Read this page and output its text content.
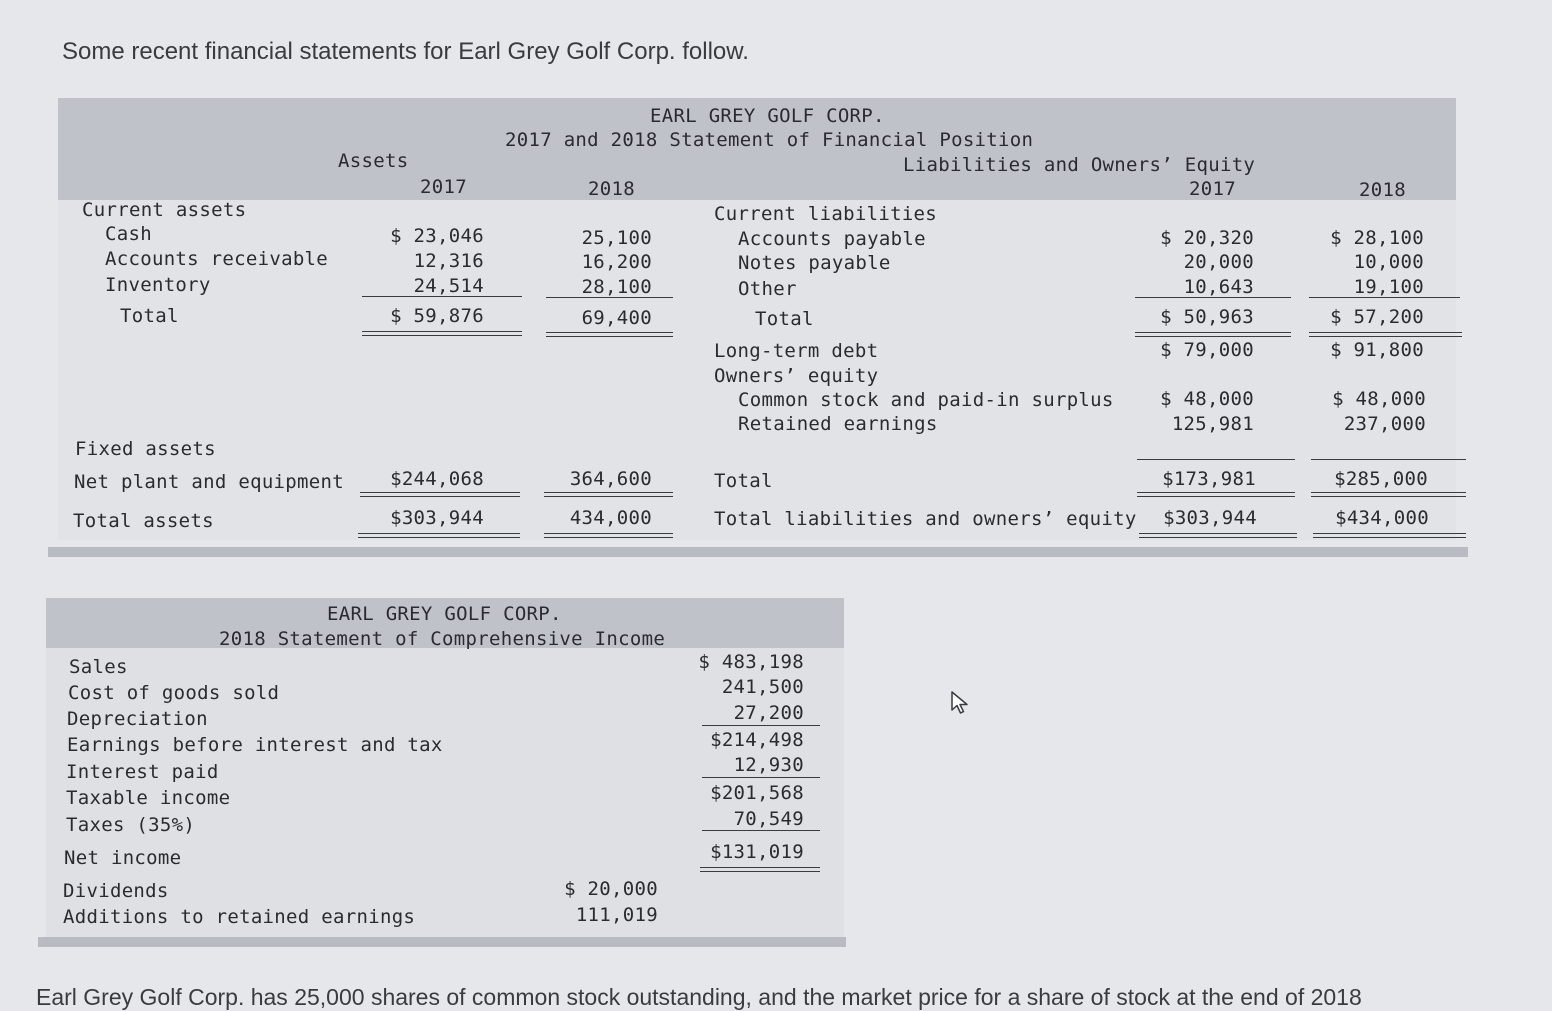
Some recent financial statements for Earl Grey Golf Corp. follow.
EARL GREY GOLF CORP.
2017 and 2018 Statement of Financial Position
Assets	Liabilities and Owners’ Equity
2017	2018	2017	2018
Current assets
Cash	$ 23,046	25,100
Accounts receivable	12,316	16,200
Inventory	24,514	28,100
Total	$ 59,876	69,400
Fixed assets
Net plant and equipment	$244,068	364,600
Total assets	$303,944	434,000
Current liabilities
Accounts payable	$ 20,320	$ 28,100
Notes payable	20,000	10,000
Other	10,643	19,100
Total	$ 50,963	$ 57,200
Long-term debt	$ 79,000	$ 91,800
Owners’ equity
Common stock and paid-in surplus	$ 48,000	$ 48,000
Retained earnings	125,981	237,000
Total	$173,981	$285,000
Total liabilities and owners’ equity	$303,944	$434,000
EARL GREY GOLF CORP.
2018 Statement of Comprehensive Income
Sales	$ 483,198
Cost of goods sold	241,500
Depreciation	27,200
Earnings before interest and tax	$214,498
Interest paid	12,930
Taxable income	$201,568
Taxes (35%)	70,549
Net income	$131,019
Dividends	$ 20,000
Additions to retained earnings	111,019
Earl Grey Golf Corp. has 25,000 shares of common stock outstanding, and the market price for a share of stock at the end of 2018
